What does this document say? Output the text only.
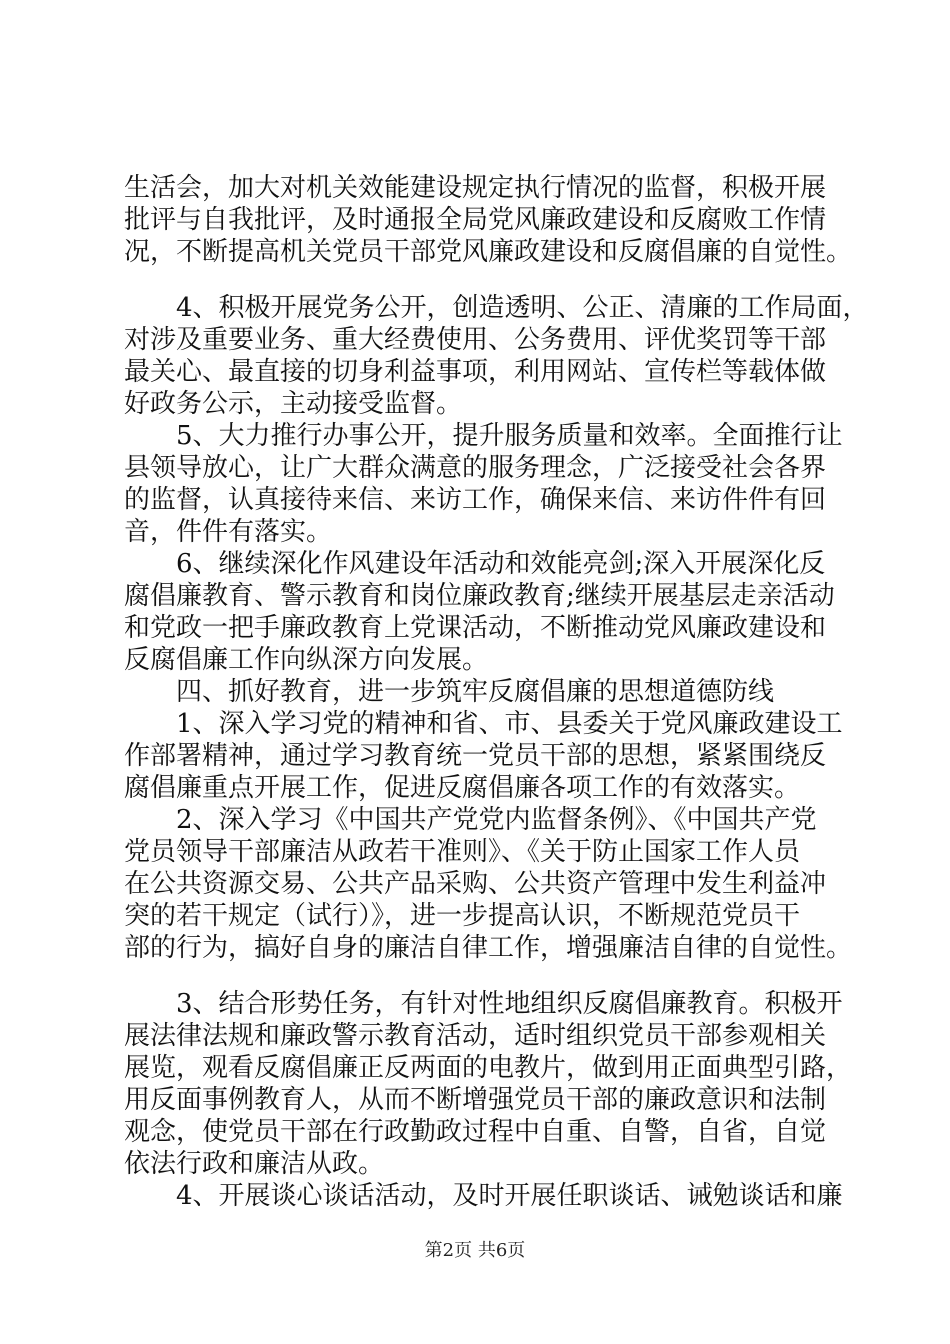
生活会，加大对机关效能建设规定执行情况的监督，积极开展
批评与自我批评，及时通报全局党风廉政建设和反腐败工作情
况，不断提高机关党员干部党风廉政建设和反腐倡廉的自觉性。
4、积极开展党务公开，创造透明、公正、清廉的工作局面，
对涉及重要业务、重大经费使用、公务费用、评优奖罚等干部
最关心、最直接的切身利益事项，利用网站、宣传栏等载体做
好政务公示，主动接受监督。
5、大力推行办事公开，提升服务质量和效率。全面推行让
县领导放心，让广大群众满意的服务理念，广泛接受社会各界
的监督，认真接待来信、来访工作，确保来信、来访件件有回
音，件件有落实。
6、继续深化作风建设年活动和效能亮剑;深入开展深化反
腐倡廉教育、警示教育和岗位廉政教育;继续开展基层走亲活动
和党政一把手廉政教育上党课活动，不断推动党风廉政建设和
反腐倡廉工作向纵深方向发展。
四、抓好教育，进一步筑牢反腐倡廉的思想道德防线
1、深入学习党的精神和省、市、县委关于党风廉政建设工
作部署精神，通过学习教育统一党员干部的思想，紧紧围绕反
腐倡廉重点开展工作，促进反腐倡廉各项工作的有效落实。
2、深入学习《中国共产党党内监督条例》、《中国共产党
党员领导干部廉洁从政若干准则》、《关于防止国家工作人员
在公共资源交易、公共产品采购、公共资产管理中发生利益冲
突的若干规定（试行）》，进一步提高认识，不断规范党员干
部的行为，搞好自身的廉洁自律工作，增强廉洁自律的自觉性。
3、结合形势任务，有针对性地组织反腐倡廉教育。积极开
展法律法规和廉政警示教育活动，适时组织党员干部参观相关
展览，观看反腐倡廉正反两面的电教片，做到用正面典型引路，
用反面事例教育人，从而不断增强党员干部的廉政意识和法制
观念，使党员干部在行政勤政过程中自重、自警，自省，自觉
依法行政和廉洁从政。
4、开展谈心谈话活动，及时开展任职谈话、诫勉谈话和廉
第2页 共6页
